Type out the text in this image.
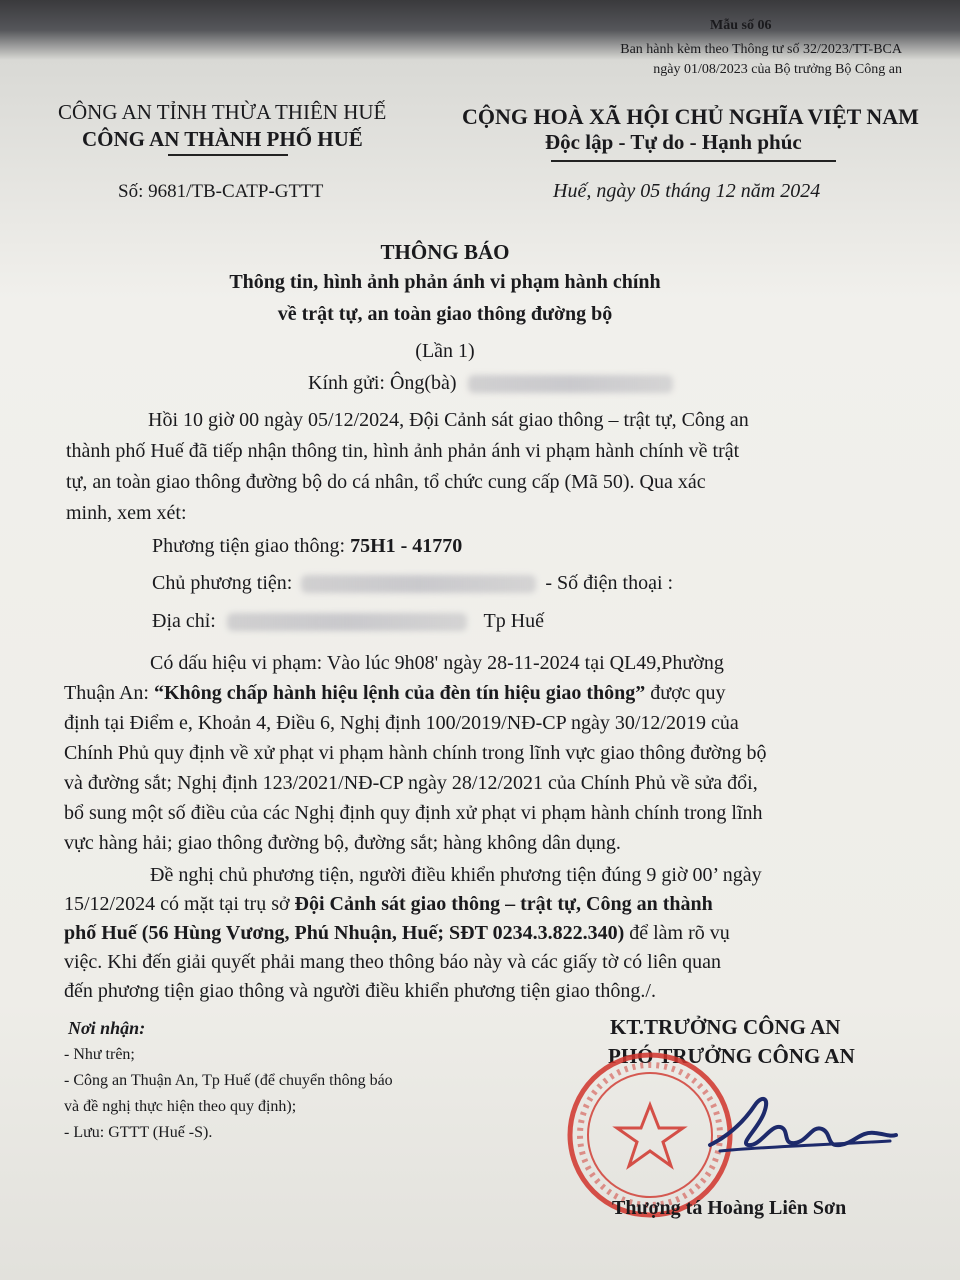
Mẫu số 06
Ban hành kèm theo Thông tư số 32/2023/TT-BCA
ngày 01/08/2023 của Bộ trưởng Bộ Công an
CÔNG AN TỈNH THỪA THIÊN HUẾ
CÔNG AN THÀNH PHỐ HUẾ
CỘNG HOÀ XÃ HỘI CHỦ NGHĨA VIỆT NAM
Độc lập - Tự do - Hạnh phúc
Số: 9681/TB-CATP-GTTT	Huế, ngày 05 tháng 12 năm 2024
THÔNG BÁO
Thông tin, hình ảnh phản ánh vi phạm hành chính
về trật tự, an toàn giao thông đường bộ
(Lần 1)
Kính gửi: Ông(bà)
Hồi 10 giờ 00 ngày 05/12/2024, Đội Cảnh sát giao thông – trật tự, Công an
thành phố Huế đã tiếp nhận thông tin, hình ảnh phản ánh vi phạm hành chính về trật
tự, an toàn giao thông đường bộ do cá nhân, tổ chức cung cấp (Mã 50). Qua xác
minh, xem xét:
Phương tiện giao thông: 75H1 - 41770
Chủ phương tiện:	- Số điện thoại :
Địa chỉ:	Tp Huế
Có dấu hiệu vi phạm: Vào lúc 9h08' ngày 28-11-2024 tại QL49,Phường
Thuận An: “Không chấp hành hiệu lệnh của đèn tín hiệu giao thông” được quy
định tại Điểm e, Khoản 4, Điều 6, Nghị định 100/2019/NĐ-CP ngày 30/12/2019 của
Chính Phủ quy định về xử phạt vi phạm hành chính trong lĩnh vực giao thông đường bộ
và đường sắt; Nghị định 123/2021/NĐ-CP ngày 28/12/2021 của Chính Phủ về sửa đổi,
bổ sung một số điều của các Nghị định quy định xử phạt vi phạm hành chính trong lĩnh
vực hàng hải; giao thông đường bộ, đường sắt; hàng không dân dụng.
Đề nghị chủ phương tiện, người điều khiển phương tiện đúng 9 giờ 00’ ngày
15/12/2024 có mặt tại trụ sở Đội Cảnh sát giao thông – trật tự, Công an thành
phố Huế (56 Hùng Vương, Phú Nhuận, Huế; SĐT 0234.3.822.340) để làm rõ vụ
việc. Khi đến giải quyết phải mang theo thông báo này và các giấy tờ có liên quan
đến phương tiện giao thông và người điều khiển phương tiện giao thông./.
Nơi nhận:
- Như trên;
- Công an Thuận An, Tp Huế (để chuyển thông báo
và đề nghị thực hiện theo quy định);
- Lưu: GTTT (Huế -S).
KT.TRƯỞNG CÔNG AN
PHÓ TRƯỞNG CÔNG AN
Thượng tá Hoàng Liên Sơn
